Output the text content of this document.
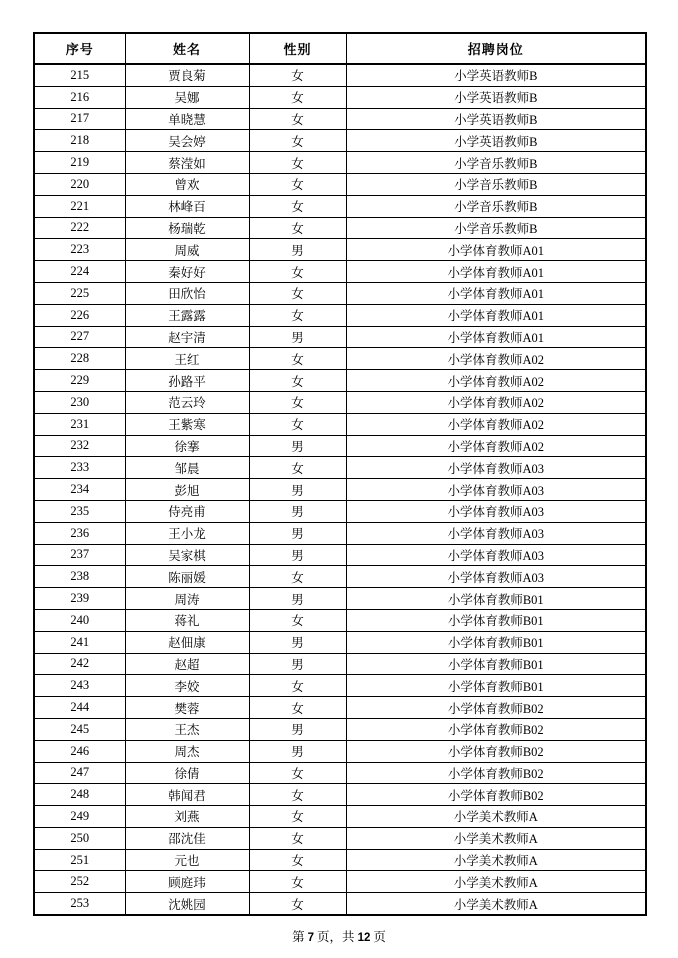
序号	姓名	性别	招聘岗位
215	贾良菊	女	小学英语教师B
216	吴娜	女	小学英语教师B
217	单晓慧	女	小学英语教师B
218	吴会婷	女	小学英语教师B
219	蔡滢如	女	小学音乐教师B
220	曾欢	女	小学音乐教师B
221	林峰百	女	小学音乐教师B
222	杨瑞乾	女	小学音乐教师B
223	周威	男	小学体育教师A01
224	秦好好	女	小学体育教师A01
225	田欣怡	女	小学体育教师A01
226	王露露	女	小学体育教师A01
227	赵宇清	男	小学体育教师A01
228	王红	女	小学体育教师A02
229	孙路平	女	小学体育教师A02
230	范云玲	女	小学体育教师A02
231	王紫寒	女	小学体育教师A02
232	徐搴	男	小学体育教师A02
233	邹晨	女	小学体育教师A03
234	彭旭	男	小学体育教师A03
235	侍亮甫	男	小学体育教师A03
236	王小龙	男	小学体育教师A03
237	吴家棋	男	小学体育教师A03
238	陈丽媛	女	小学体育教师A03
239	周涛	男	小学体育教师B01
240	蒋礼	女	小学体育教师B01
241	赵佃康	男	小学体育教师B01
242	赵超	男	小学体育教师B01
243	李姣	女	小学体育教师B01
244	樊蓉	女	小学体育教师B02
245	王杰	男	小学体育教师B02
246	周杰	男	小学体育教师B02
247	徐倩	女	小学体育教师B02
248	韩闻君	女	小学体育教师B02
249	刘燕	女	小学美术教师A
250	邵沈佳	女	小学美术教师A
251	元也	女	小学美术教师A
252	顾庭玮	女	小学美术教师A
253	沈姚园	女	小学美术教师A
第 7 页，共 12 页
